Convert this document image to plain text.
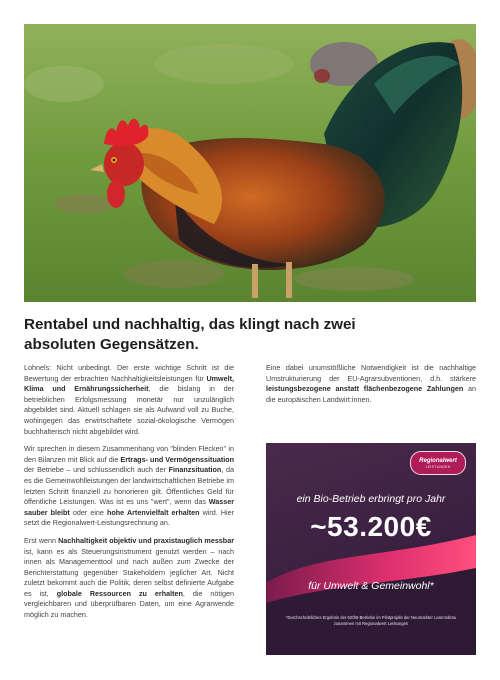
Rentabel und nachhaltig, das klingt nach zwei
absoluten Gegensätzen.

Lohnels: Nicht unbedingt. Der erste wichtige Schritt ist die Bewertung der erbrachten Nachhaltigkeitsleistungen für Umwelt, Klima und Ernährungssicherheit, die bislang in der betrieblichen Erfolgsmessung monetär nur unzulänglich abgebildet sind. Aktuell schlagen sie als Aufwand voll zu Buche, wohingegen das erwirtschaftete sozial-ökologische Vermögen buchhalterisch nicht abgebildet wird.

Wir sprechen in diesem Zusammenhang von "blinden Flecken" in den Bilanzen mit Blick auf die Ertrags- und Vermögenssituation der Betriebe – und schlussendlich auch der Finanzsituation, da es die Gemeinwohlleistungen der landwirtschaftlichen Betriebe im letzten Schritt finanziell zu honorieren gilt. Öffentliches Geld für öffentliche Leistungen. Was ist es uns "wert", wenn das Wasser sauber bleibt oder eine hohe Artenvielfalt erhalten wird. Hier setzt die Regionalwert-Leistungsrechnung an.

Erst wenn Nachhaltigkeit objektiv und praxistauglich messbar ist, kann es als Steuerungsinstrument genutzt werden – nach innen als Managementtool und nach außen zum Zwecke der Berichterstattung gegenüber Stakeholdern jeglicher Art. Nicht zuletzt bekommt auch die Politik, deren selbst definierte Aufgabe es ist, globale Ressourcen zu erhalten, die nötigen vergleichbaren und überprüfbaren Daten, um eine Agrarwende möglich zu machen.

Eine dabei unumstößliche Notwendigkeit ist die nachhaltige Umstrukturierung der EU-Agrarsubventionen, d.h. stärkere leistungsbezogene anstatt flächenbezogene Zahlungen an die europäischen Landwirt:innen.

Regionalwert
LEISTUNGEN
ein Bio-Betrieb erbringt pro Jahr
~53.200€
für Umwelt & Gemeinwohl*
*Durchschnittliches Ergebnis der 62ÖB-Betriebe im Pilotprojekt der Neumarkter Lammsbräu zusammen mit Regionalwert Leistungen
